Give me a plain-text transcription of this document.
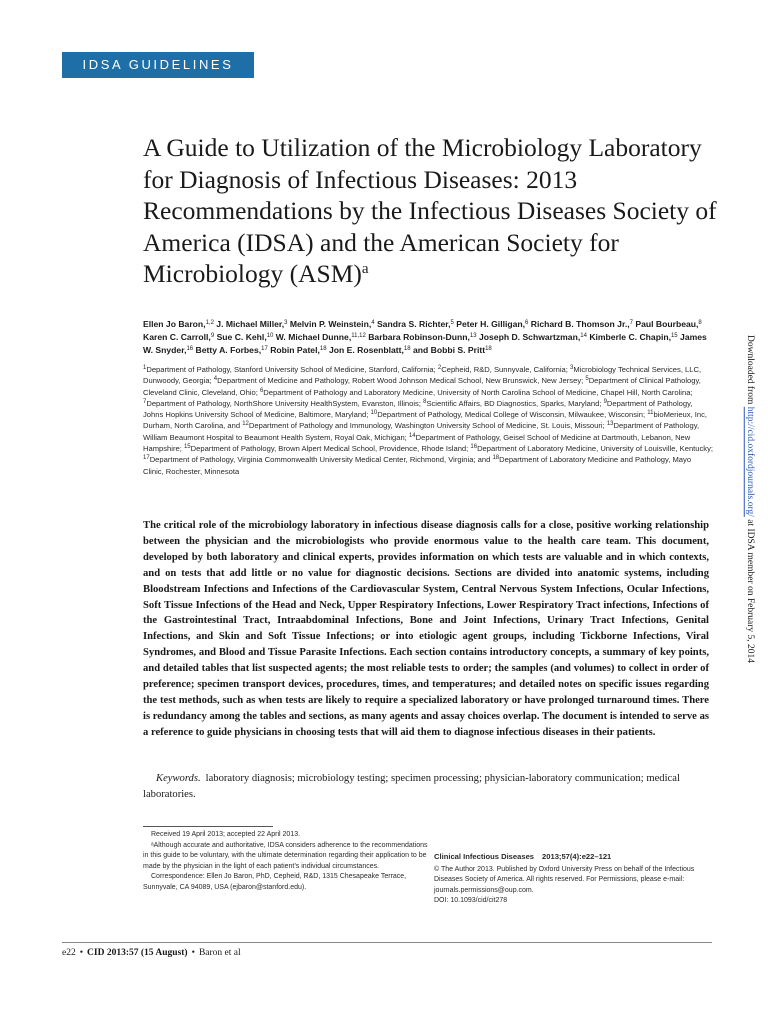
IDSA GUIDELINES
A Guide to Utilization of the Microbiology Laboratory for Diagnosis of Infectious Diseases: 2013 Recommendations by the Infectious Diseases Society of America (IDSA) and the American Society for Microbiology (ASM)$^a$
Ellen Jo Baron,$^{1,2}$ J. Michael Miller,$^3$ Melvin P. Weinstein,$^4$ Sandra S. Richter,$^5$ Peter H. Gilligan,$^6$ Richard B. Thomson Jr.,$^7$ Paul Bourbeau,$^8$ Karen C. Carroll,$^9$ Sue C. Kehl,$^{10}$ W. Michael Dunne,$^{11,12}$ Barbara Robinson-Dunn,$^{13}$ Joseph D. Schwartzman,$^{14}$ Kimberle C. Chapin,$^{15}$ James W. Snyder,$^{16}$ Betty A. Forbes,$^{17}$ Robin Patel,$^{18}$ Jon E. Rosenblatt,$^{18}$ and Bobbi S. Pritt$^{18}$
$^1$Department of Pathology, Stanford University School of Medicine, Stanford, California; $^2$Cepheid, R&D, Sunnyvale, California; $^3$Microbiology Technical Services, LLC, Dunwoody, Georgia; $^4$Department of Medicine and Pathology, Robert Wood Johnson Medical School, New Brunswick, New Jersey; $^5$Department of Clinical Pathology, Cleveland Clinic, Cleveland, Ohio; $^6$Department of Pathology and Laboratory Medicine, University of North Carolina School of Medicine, Chapel Hill, North Carolina; $^7$Department of Pathology, NorthShore University HealthSystem, Evanston, Illinois; $^8$Scientific Affairs, BD Diagnostics, Sparks, Maryland; $^9$Department of Pathology, Johns Hopkins University School of Medicine, Baltimore, Maryland; $^{10}$Department of Pathology, Medical College of Wisconsin, Milwaukee, Wisconsin; $^{11}$bioMerieux, Inc, Durham, North Carolina, and $^{12}$Department of Pathology and Immunology, Washington University School of Medicine, St. Louis, Missouri; $^{13}$Department of Pathology, William Beaumont Hospital to Beaumont Health System, Royal Oak, Michigan; $^{14}$Department of Pathology, Geisel School of Medicine at Dartmouth, Lebanon, New Hampshire; $^{15}$Department of Pathology, Brown Alpert Medical School, Providence, Rhode Island; $^{16}$Department of Laboratory Medicine, University of Louisville, Kentucky; $^{17}$Department of Pathology, Virginia Commonwealth University Medical Center, Richmond, Virginia; and $^{18}$Department of Laboratory Medicine and Pathology, Mayo Clinic, Rochester, Minnesota

The critical role of the microbiology laboratory in infectious disease diagnosis calls for a close, positive working relationship between the physician and the microbiologists who provide enormous value to the health care team. This document, developed by both laboratory and clinical experts, provides information on which tests are valuable and in which contexts, and on tests that add little or no value for diagnostic decisions. Sections are divided into anatomic systems, including Bloodstream Infections and Infections of the Cardiovascular System, Central Nervous System Infections, Ocular Infections, Soft Tissue Infections of the Head and Neck, Upper Respiratory Infections, Lower Respiratory Tract infections, Infections of the Gastrointestinal Tract, Intraabdominal Infections, Bone and Joint Infections, Urinary Tract Infections, Genital Infections, and Skin and Soft Tissue Infections; or into etiologic agent groups, including Tickborne Infections, Viral Syndromes, and Blood and Tissue Parasite Infections. Each section contains introductory concepts, a summary of key points, and detailed tables that list suspected agents; the most reliable tests to order; the samples (and volumes) to collect in order of preference; specimen transport devices, procedures, times, and temperatures; and detailed notes on specific issues regarding the test methods, such as when tests are likely to require a specialized laboratory or have prolonged turnaround times. There is redundancy among the tables and sections, as many agents and assay choices overlap. The document is intended to serve as a reference to guide physicians in choosing tests that will aid them to diagnose infectious diseases in their patients.

Keywords. laboratory diagnosis; microbiology testing; specimen processing; physician-laboratory communication; medical laboratories.

Received 19 April 2013; accepted 22 April 2013.

ᵃAlthough accurate and authoritative, IDSA considers adherence to the recommendations in this guide to be voluntary, with the ultimate determination regarding their application to be made by the physician in the light of each patient’s individual circumstances.

Correspondence: Ellen Jo Baron, PhD, Cepheid, R&D, 1315 Chesapeake Terrace, Sunnyvale, CA 94089, USA (ejbaron@stanford.edu).

Clinical Infectious Diseases 2013;57(4):e22–121

© The Author 2013. Published by Oxford University Press on behalf of the Infectious Diseases Society of America. All rights reserved. For Permissions, please e-mail: journals.permissions@oup.com.

DOI: 10.1093/cid/cit278

e22 • CID 2013:57 (15 August) • Baron et al
Downloaded from http://cid.oxfordjournals.org/ at IDSA member on February 5, 2014
